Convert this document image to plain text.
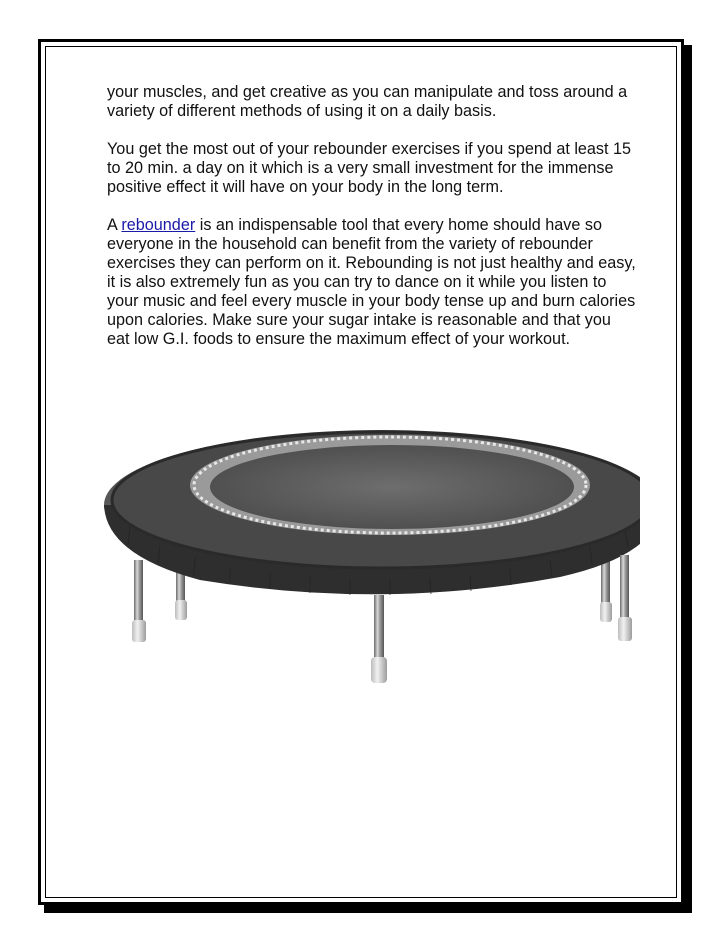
your muscles, and get creative as you can manipulate and toss around a variety of different methods of using it on a daily basis.

You get the most out of your rebounder exercises if you spend at least 15 to 20 min. a day on it which is a very small investment for the immense positive effect it will have on your body in the long term.

A rebounder is an indispensable tool that every home should have so everyone in the household can benefit from the variety of rebounder exercises they can perform on it. Rebounding is not just healthy and easy, it is also extremely fun as you can try to dance on it while you listen to your music and feel every muscle in your body tense up and burn calories upon calories. Make sure your sugar intake is reasonable and that you eat low G.I. foods to ensure the maximum effect of your workout.
